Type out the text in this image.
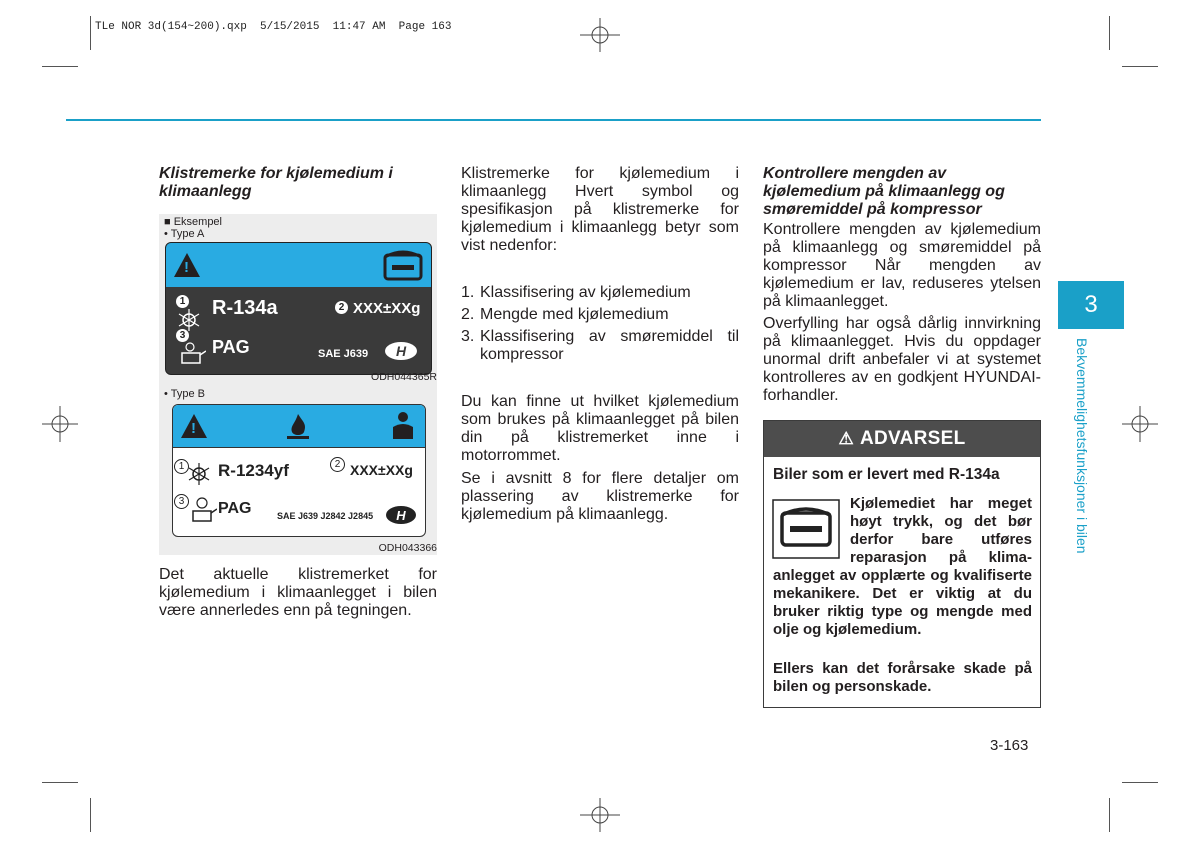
TLe NOR 3d(154~200).qxp  5/15/2015  11:47 AM  Page 163

Klistremerke for kjølemedium i klimaanlegg

■ Eksempel
• Type A
!
1 R-134a	2 XXX±XXg
3
PAG	SAE J639 H
ODH044365R
• Type B
!
1 R-1234yf	2 XXX±XXg
3 PAG	SAE J639 J2842 J2845 H
ODH043366

Det aktuelle klistremerket for kjølemedium i klimaanlegget i bilen være annerledes enn på tegningen.

Klistremerke for kjølemedium i klimaanlegg Hvert symbol og spesifikasjon på klistremerke for kjølemedium i klimaanlegg betyr som vist nedenfor:

1. Klassifisering av kjølemedium
2. Mengde med kjølemedium
3. Klassifisering av smøremiddel til kompressor

Du kan finne ut hvilket kjølemedium som brukes på klimaanlegget på bilen din på klistremerket inne i motorrommet.

Se i avsnitt 8 for flere detaljer om plassering av klistremerke for kjølemedium på klimaanlegg.

Kontrollere mengden av kjølemedium på klimaanlegg og smøremiddel på kompressor

Kontrollere mengden av kjølemedium på klimaanlegg og smøremiddel på kompressor Når mengden av kjølemedium er lav, reduseres ytelsen på klimaanlegget.

Overfylling har også dårlig innvirkning på klimaanlegget. Hvis du oppdager unormal drift anbefaler vi at systemet kontrolleres av en godkjent HYUNDAI-forhandler.

⚠ ADVARSEL
Biler som er levert med R-134a
Kjølemediet har meget
høyt trykk, og det bør
derfor bare utføres
reparasjon på klima-
anlegget av opplærte og kvalifiserte mekanikere. Det er viktig at du bruker riktig type og mengde med olje og kjølemedium.
Ellers kan det forårsake skade på bilen og personskade.
3
Bekvemmelighetsfunksjoner i bilen
3-163
